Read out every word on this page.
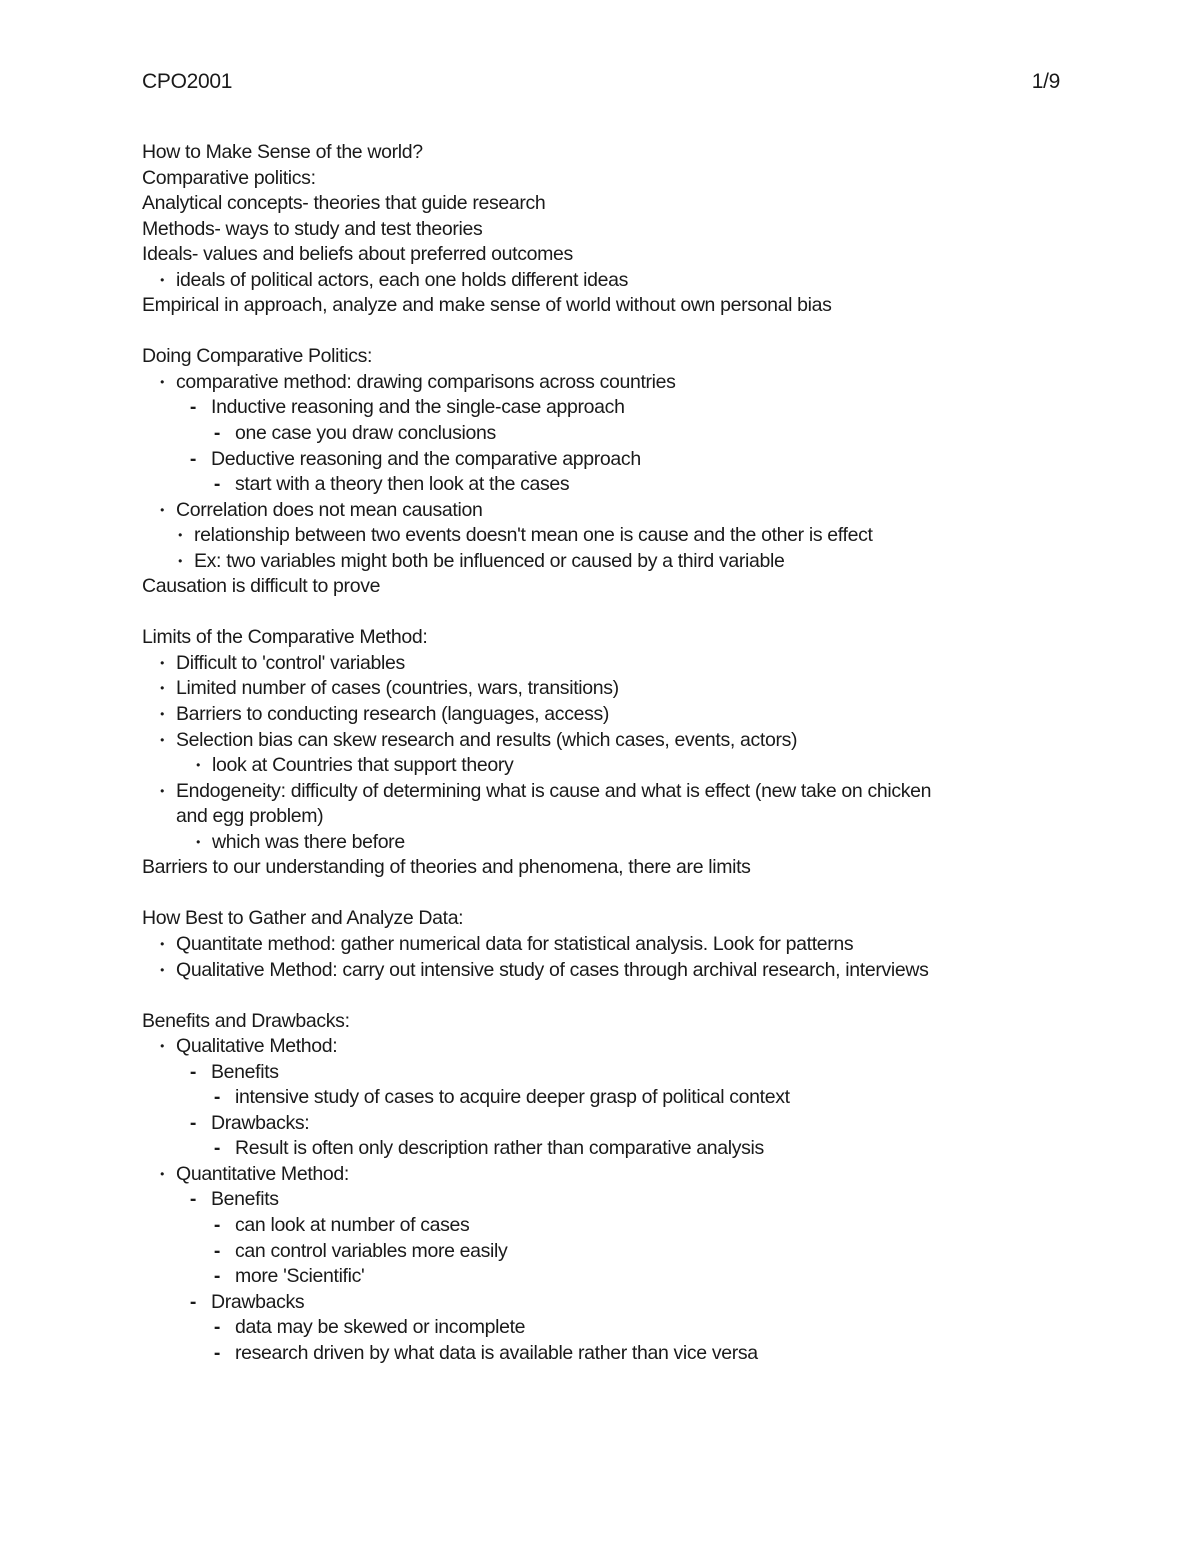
CPO2001	1/9
How to Make Sense of the world?
Comparative politics:
Analytical concepts- theories that guide research
Methods- ways to study and test theories
Ideals- values and beliefs about preferred outcomes
• ideals of political actors, each one holds different ideas
Empirical in approach, analyze and make sense of world without own personal bias
Doing Comparative Politics:
• comparative method: drawing comparisons across countries
- Inductive reasoning and the single-case approach
- one case you draw conclusions
- Deductive reasoning and the comparative approach
- start with a theory then look at the cases
• Correlation does not mean causation
• relationship between two events doesn't mean one is cause and the other is effect
• Ex: two variables might both be influenced or caused by a third variable
Causation is difficult to prove
Limits of the Comparative Method:
• Difficult to 'control' variables
• Limited number of cases (countries, wars, transitions)
• Barriers to conducting research (languages, access)
• Selection bias can skew research and results (which cases, events, actors)
• look at Countries that support theory
• Endogeneity: difficulty of determining what is cause and what is effect (new take on chicken
and egg problem)
• which was there before
Barriers to our understanding of theories and phenomena, there are limits
How Best to Gather and Analyze Data:
• Quantitate method: gather numerical data for statistical analysis. Look for patterns
• Qualitative Method: carry out intensive study of cases through archival research, interviews
Benefits and Drawbacks:
• Qualitative Method:
- Benefits
- intensive study of cases to acquire deeper grasp of political context
- Drawbacks:
- Result is often only description rather than comparative analysis
• Quantitative Method:
- Benefits
- can look at number of cases
- can control variables more easily
- more 'Scientific'
- Drawbacks
- data may be skewed or incomplete
- research driven by what data is available rather than vice versa
